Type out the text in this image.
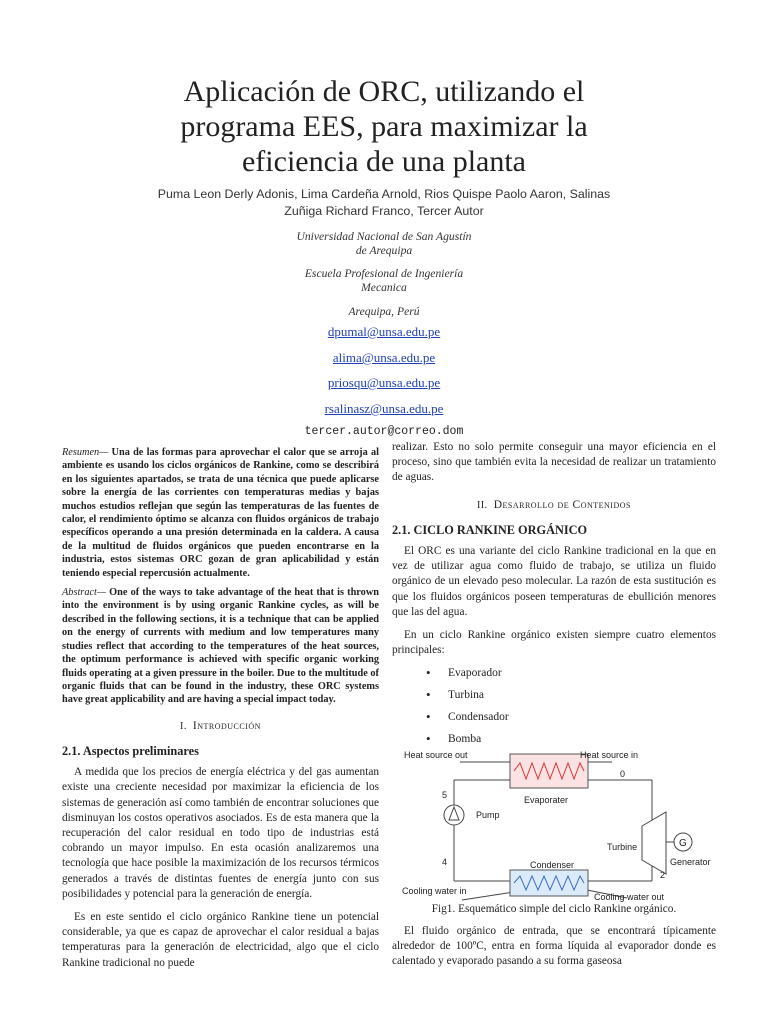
Aplicación de ORC, utilizando el
programa EES, para maximizar la
eficiencia de una planta
Puma Leon Derly Adonis, Lima Cardeña Arnold, Rios Quispe Paolo Aaron, Salinas
Zuñiga Richard Franco, Tercer Autor
Universidad Nacional de San Agustín
de Arequipa
Escuela Profesional de Ingeniería
Mecanica
Arequipa, Perú
dpumal@unsa.edu.pe
alima@unsa.edu.pe
priosqu@unsa.edu.pe
rsalinasz@unsa.edu.pe
tercer.autor@correo.dom

Resumen— Una de las formas para aprovechar el calor que se arroja al ambiente es usando los ciclos orgánicos de Rankine, como se describirá en los siguientes apartados, se trata de una técnica que puede aplicarse sobre la energía de las corrientes con temperaturas medias y bajas muchos estudios reflejan que según las temperaturas de las fuentes de calor, el rendimiento óptimo se alcanza con fluidos orgánicos de trabajo específicos operando a una presión determinada en la caldera. A causa de la multitud de fluidos orgánicos que pueden encontrarse en la industria, estos sistemas ORC gozan de gran aplicabilidad y están teniendo especial repercusión actualmente.

Abstract— One of the ways to take advantage of the heat that is thrown into the environment is by using organic Rankine cycles, as will be described in the following sections, it is a technique that can be applied on the energy of currents with medium and low temperatures many studies reflect that according to the temperatures of the heat sources, the optimum performance is achieved with specific organic working fluids operating at a given pressure in the boiler. Due to the multitude of organic fluids that can be found in the industry, these ORC systems have great applicability and are having a special impact today.

I. Introducción
2.1. Aspectos preliminares

A medida que los precios de energía eléctrica y del gas aumentan existe una creciente necesidad por maximizar la eficiencia de los sistemas de generación así como también de encontrar soluciones que disminuyan los costos operativos asociados. Es de esta manera que la recuperación del calor residual en todo tipo de industrias está cobrando un mayor impulso. En esta ocasión analizaremos una tecnología que hace posible la maximización de los recursos térmicos generados a través de distintas fuentes de energía junto con sus posibilidades y potencial para la generación de energía.

Es en este sentido el ciclo orgánico Rankine tiene un potencial considerable, ya que es capaz de aprovechar el calor residual a bajas temperaturas para la generación de electricidad, algo que el ciclo Rankine tradicional no puede

realizar. Esto no solo permite conseguir una mayor eficiencia en el proceso, sino que también evita la necesidad de realizar un tratamiento de aguas.

II. Desarrollo de Contenidos
2.1. CICLO RANKINE ORGÁNICO

El ORC es una variante del ciclo Rankine tradicional en la que en vez de utilizar agua como fluido de trabajo, se utiliza un fluido orgánico de un elevado peso molecular. La razón de esta sustitución es que los fluidos orgánicos poseen temperaturas de ebullición menores que las del agua.

En un ciclo Rankine orgánico existen siempre cuatro elementos principales:

• Evaporador
• Turbina
• Condensador
• Bomba
Heat source in
Heat source out
Evaporater
Turbine
Generator
G
Pump
Condenser
Cooling water in
Cooling water out
0
2
4
5
Fig1. Esquemático simple del ciclo Rankine orgánico.

El fluido orgánico de entrada, que se encontrará típicamente alrededor de 100ºC, entra en forma líquida al evaporador donde es calentado y evaporado pasando a su forma gaseosa
